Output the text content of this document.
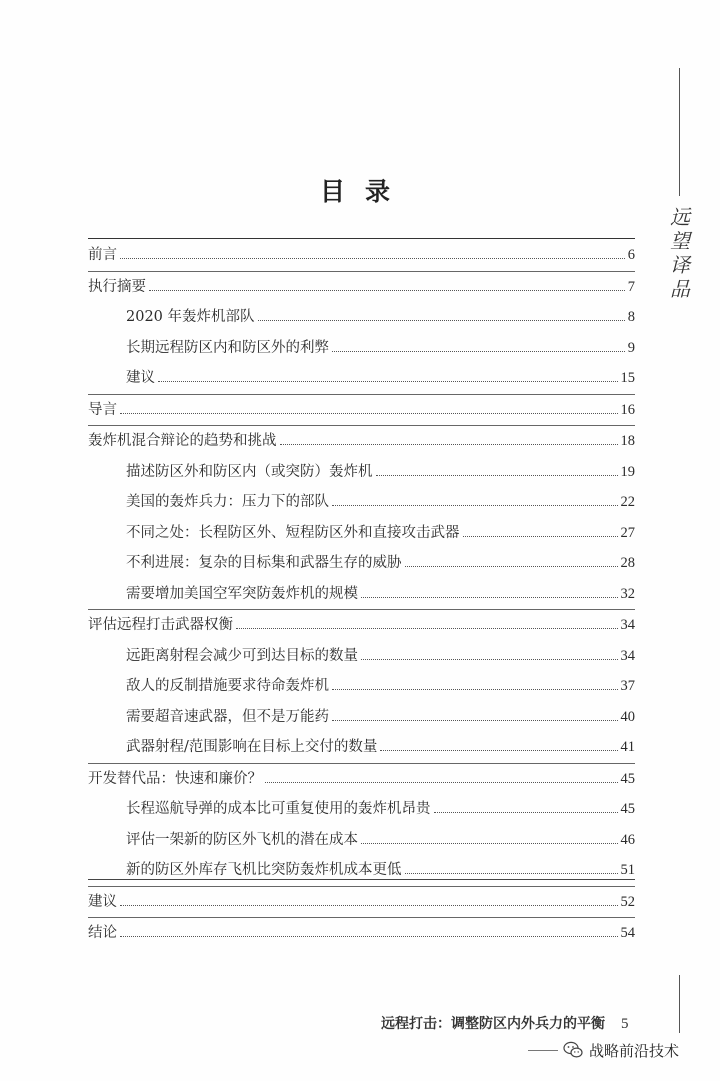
远
望
译
品
目录
前言	6
执行摘要	7
2020 年轰炸机部队	8
长期远程防区内和防区外的利弊	9
建议	15
导言	16
轰炸机混合辩论的趋势和挑战	18
描述防区外和防区内（或突防）轰炸机	19
美国的轰炸兵力：压力下的部队	22
不同之处：长程防区外、短程防区外和直接攻击武器	27
不利进展：复杂的目标集和武器生存的威胁	28
需要增加美国空军突防轰炸机的规模	32
评估远程打击武器权衡	34
远距离射程会减少可到达目标的数量	34
敌人的反制措施要求待命轰炸机	37
需要超音速武器，但不是万能药	40
武器射程/范围影响在目标上交付的数量	41
开发替代品：快速和廉价？	45
长程巡航导弹的成本比可重复使用的轰炸机昂贵	45
评估一架新的防区外飞机的潜在成本	46
新的防区外库存飞机比突防轰炸机成本更低	51
建议	52
结论	54
远程打击：调整防区内外兵力的平衡 5
战略前沿技术
